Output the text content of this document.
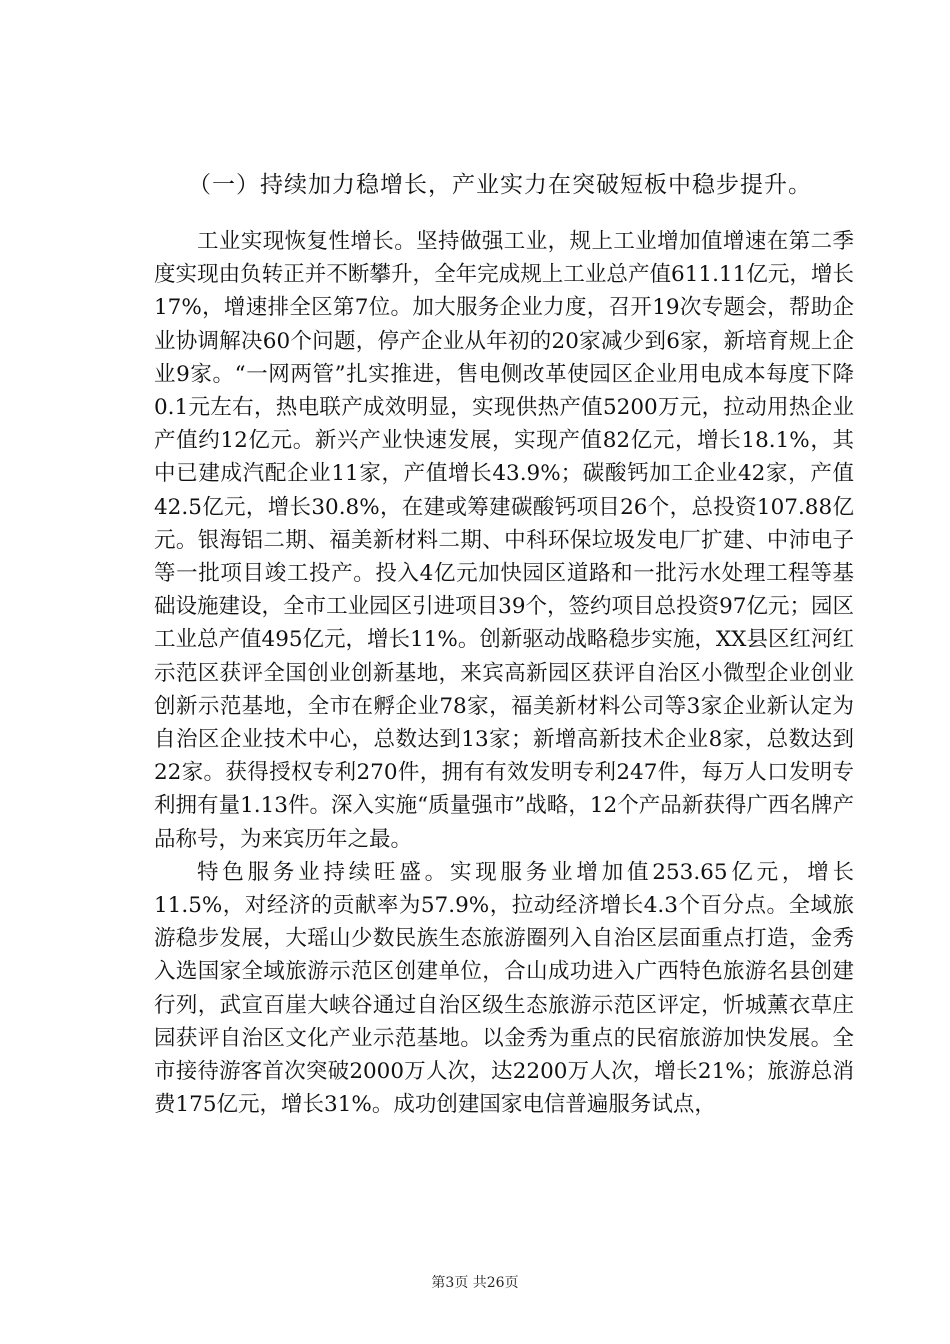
（一）持续加力稳增长，产业实力在突破短板中稳步提升。

工业实现恢复性增长。坚持做强工业，规上工业增加值增速在第二季度实现由负转正并不断攀升，全年完成规上工业总产值611.11亿元，增长17%，增速排全区第7位。加大服务企业力度，召开19次专题会，帮助企业协调解决60个问题，停产企业从年初的20家减少到6家，新培育规上企业9家。“一网两管”扎实推进，售电侧改革使园区企业用电成本每度下降0.1元左右，热电联产成效明显，实现供热产值5200万元，拉动用热企业产值约12亿元。新兴产业快速发展，实现产值82亿元，增长18.1%，其中已建成汽配企业11家，产值增长43.9%；碳酸钙加工企业42家，产值42.5亿元，增长30.8%，在建或筹建碳酸钙项目26个，总投资107.88亿元。银海铝二期、福美新材料二期、中科环保垃圾发电厂扩建、中沛电子等一批项目竣工投产。投入4亿元加快园区道路和一批污水处理工程等基础设施建设，全市工业园区引进项目39个，签约项目总投资97亿元；园区工业总产值495亿元，增长11%。创新驱动战略稳步实施，XX县区红河红示范区获评全国创业创新基地，来宾高新园区获评自治区小微型企业创业创新示范基地，全市在孵企业78家，福美新材料公司等3家企业新认定为自治区企业技术中心，总数达到13家；新增高新技术企业8家，总数达到22家。获得授权专利270件，拥有有效发明专利247件，每万人口发明专利拥有量1.13件。深入实施“质量强市”战略，12个产品新获得广西名牌产品称号，为来宾历年之最。

特色服务业持续旺盛。实现服务业增加值253.65亿元，增长11.5%，对经济的贡献率为57.9%，拉动经济增长4.3个百分点。全域旅游稳步发展，大瑶山少数民族生态旅游圈列入自治区层面重点打造，金秀入选国家全域旅游示范区创建单位，合山成功进入广西特色旅游名县创建行列，武宣百崖大峡谷通过自治区级生态旅游示范区评定，忻城薰衣草庄园获评自治区文化产业示范基地。以金秀为重点的民宿旅游加快发展。全市接待游客首次突破2000万人次，达2200万人次，增长21%；旅游总消费175亿元，增长31%。成功创建国家电信普遍服务试点，

第3页 共26页
